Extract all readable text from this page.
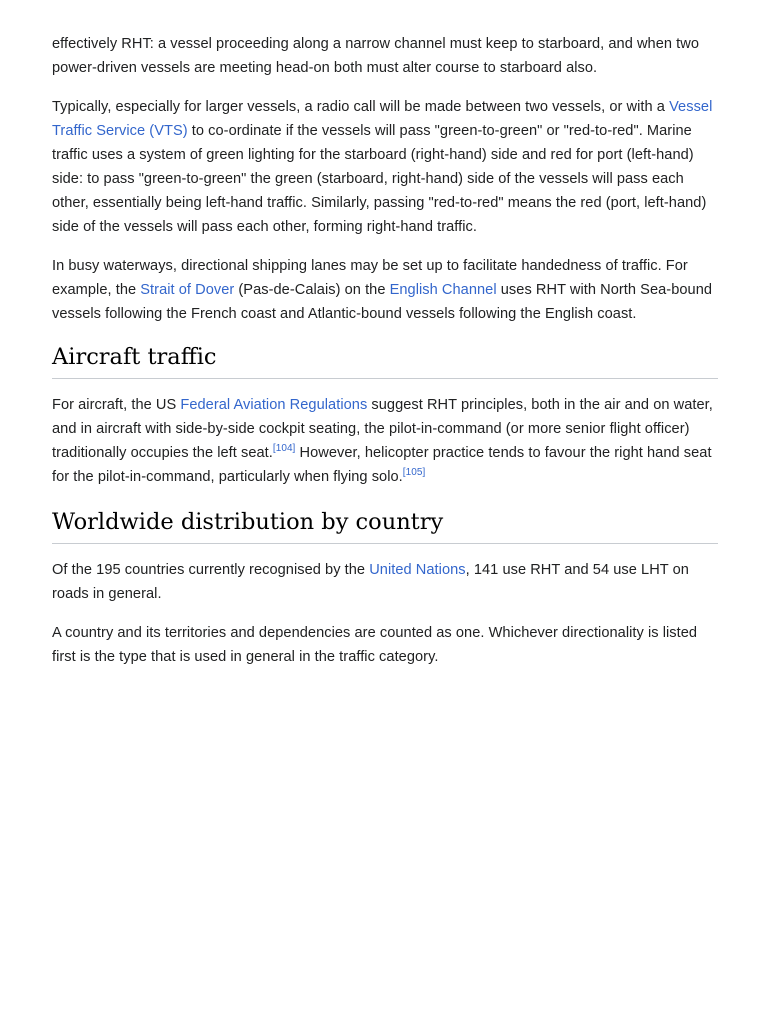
effectively RHT: a vessel proceeding along a narrow channel must keep to starboard, and when two power-driven vessels are meeting head-on both must alter course to starboard also.

Typically, especially for larger vessels, a radio call will be made between two vessels, or with a Vessel Traffic Service (VTS) to co-ordinate if the vessels will pass "green-to-green" or "red-to-red". Marine traffic uses a system of green lighting for the starboard (right-hand) side and red for port (left-hand) side: to pass "green-to-green" the green (starboard, right-hand) side of the vessels will pass each other, essentially being left-hand traffic. Similarly, passing "red-to-red" means the red (port, left-hand) side of the vessels will pass each other, forming right-hand traffic.

In busy waterways, directional shipping lanes may be set up to facilitate handedness of traffic. For example, the Strait of Dover (Pas-de-Calais) on the English Channel uses RHT with North Sea-bound vessels following the French coast and Atlantic-bound vessels following the English coast.

Aircraft traffic

For aircraft, the US Federal Aviation Regulations suggest RHT principles, both in the air and on water, and in aircraft with side-by-side cockpit seating, the pilot-in-command (or more senior flight officer) traditionally occupies the left seat.[104] However, helicopter practice tends to favour the right hand seat for the pilot-in-command, particularly when flying solo.[105]

Worldwide distribution by country

Of the 195 countries currently recognised by the United Nations, 141 use RHT and 54 use LHT on roads in general.

A country and its territories and dependencies are counted as one. Whichever directionality is listed first is the type that is used in general in the traffic category.
